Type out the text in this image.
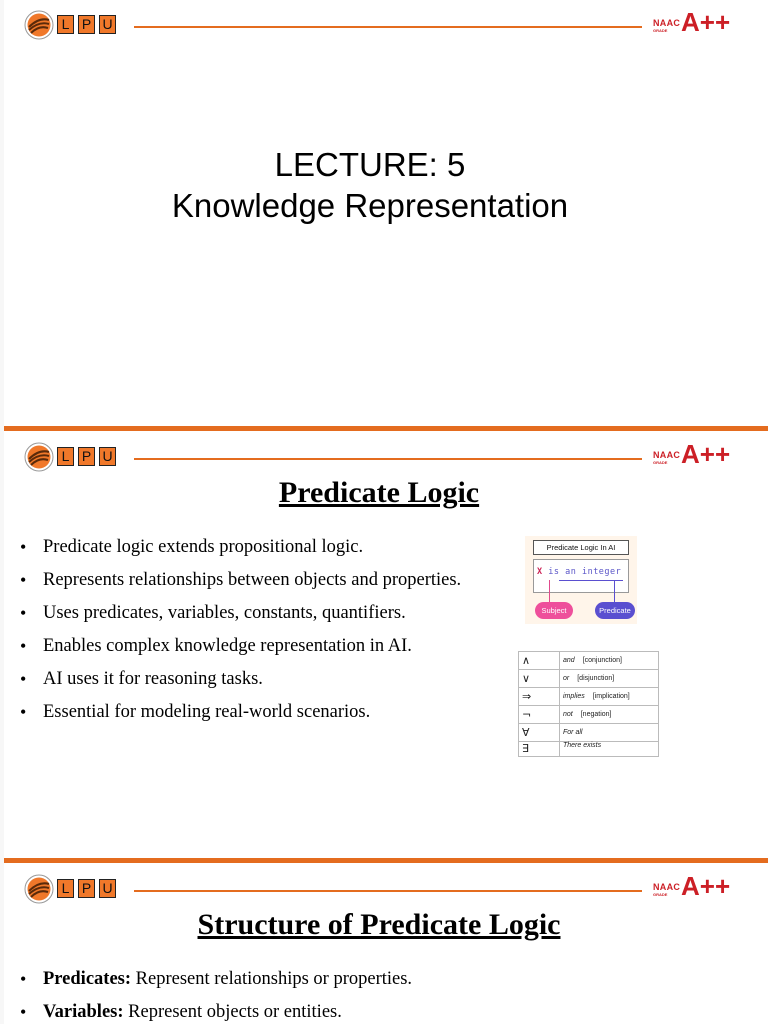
L P U	NAAC
GRADE A++
LECTURE: 5
Knowledge Representation
L P U	NAAC
GRADE A++
Predicate Logic
• Predicate logic extends propositional logic.
• Represents relationships between objects and properties.
• Uses predicates, variables, constants, quantifiers.
• Enables complex knowledge representation in AI.
• AI uses it for reasoning tasks.
• Essential for modeling real-world scenarios.
Predicate Logic In AI
X is an integer
Subject	Predicate
∧	and [conjunction]
∨	or [disjunction]
⇒	implies [implication]
¬	not [negation]
∀	For all
∃	There exists
L P U	NAAC
GRADE A++
Structure of Predicate Logic
• Predicates: Represent relationships or properties.
• Variables: Represent objects or entities.
